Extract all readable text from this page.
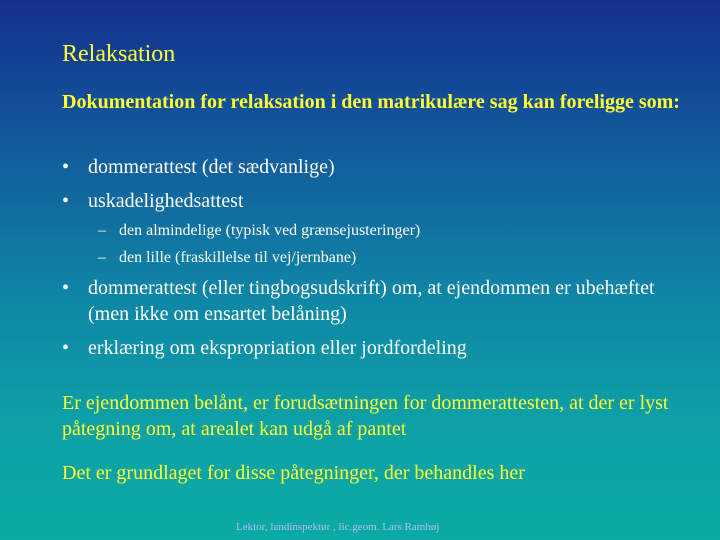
Relaksation
Dokumentation for relaksation i den matrikulære sag kan foreligge som:
• dommerattest (det sædvanlige)
• uskadelighedsattest
– den almindelige (typisk ved grænsejusteringer)
– den lille (fraskillelse til vej/jernbane)
• dommerattest (eller tingbogsudskrift) om, at ejendommen er ubehæftet (men ikke om ensartet belåning)
• erklæring om ekspropriation eller jordfordeling
Er ejendommen belånt, er forudsætningen for dommerattesten, at der er lyst påtegning om, at arealet kan udgå af pantet
Det er grundlaget for disse påtegninger, der behandles her
Lektor, landinspektør , lic.geom. Lars Ramhøj
